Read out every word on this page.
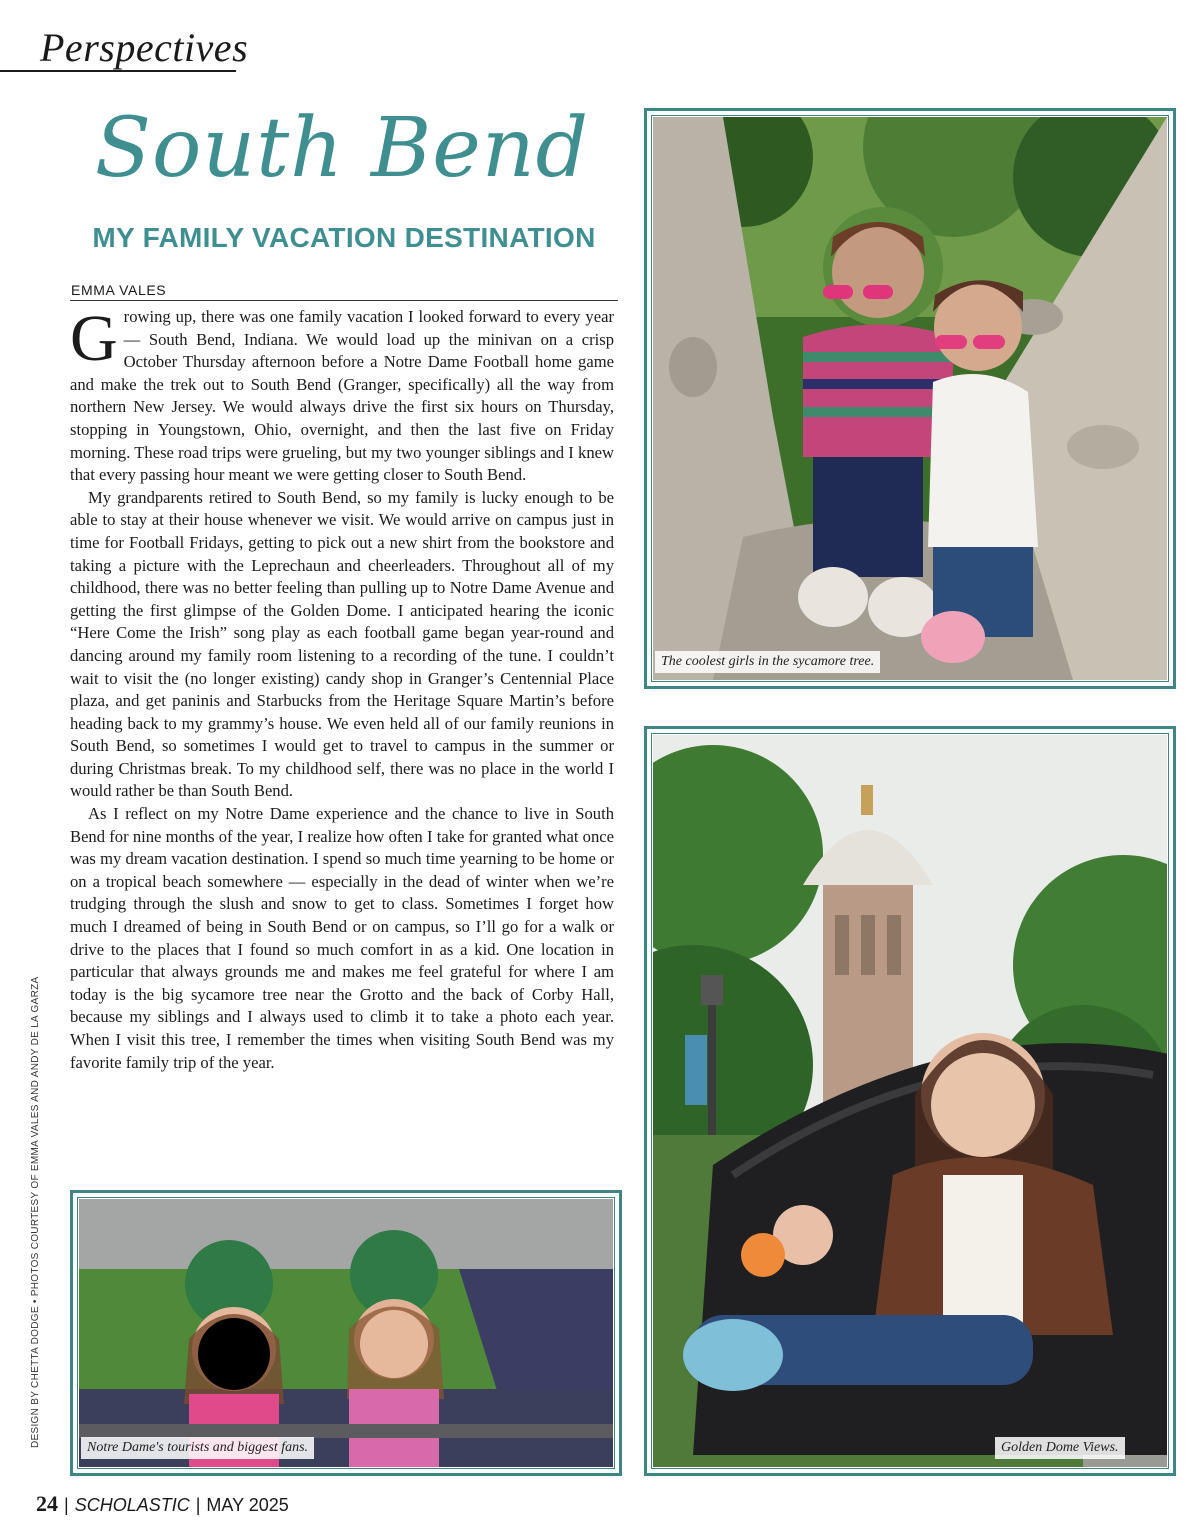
Perspectives
South Bend
MY FAMILY VACATION DESTINATION
EMMA VALES

Growing up, there was one family vacation I looked forward to every year — South Bend, Indiana. We would load up the minivan on a crisp October Thursday afternoon before a Notre Dame Football home game and make the trek out to South Bend (Granger, specifically) all the way from northern New Jersey. We would always drive the first six hours on Thursday, stopping in Youngstown, Ohio, overnight, and then the last five on Friday morning. These road trips were grueling, but my two younger siblings and I knew that every passing hour meant we were getting closer to South Bend.

My grandparents retired to South Bend, so my family is lucky enough to be able to stay at their house whenever we visit. We would arrive on campus just in time for Football Fridays, getting to pick out a new shirt from the bookstore and taking a picture with the Leprechaun and cheerleaders. Throughout all of my childhood, there was no better feeling than pulling up to Notre Dame Avenue and getting the first glimpse of the Golden Dome. I anticipated hearing the iconic “Here Come the Irish” song play as each football game began year-round and dancing around my family room listening to a recording of the tune. I couldn’t wait to visit the (no longer existing) candy shop in Granger’s Centennial Place plaza, and get paninis and Starbucks from the Heritage Square Martin’s before heading back to my grammy’s house. We even held all of our family reunions in South Bend, so sometimes I would get to travel to campus in the summer or during Christmas break. To my childhood self, there was no place in the world I would rather be than South Bend.

As I reflect on my Notre Dame experience and the chance to live in South Bend for nine months of the year, I realize how often I take for granted what once was my dream vacation destination. I spend so much time yearning to be home or on a tropical beach somewhere — especially in the dead of winter when we’re trudging through the slush and snow to get to class. Sometimes I forget how much I dreamed of being in South Bend or on campus, so I’ll go for a walk or drive to the places that I found so much comfort in as a kid. One location in particular that always grounds me and makes me feel grateful for where I am today is the big sycamore tree near the Grotto and the back of Corby Hall, because my siblings and I always used to climb it to take a photo each year. When I visit this tree, I remember the times when visiting South Bend was my favorite family trip of the year.

The coolest girls in the sycamore tree.
Golden Dome Views.
Notre Dame's tourists and biggest fans.
DESIGN BY CHETTA DODGE • PHOTOS COURTESY OF EMMA VALES AND ANDY DE LA GARZA
24 | SCHOLASTIC | MAY 2025
